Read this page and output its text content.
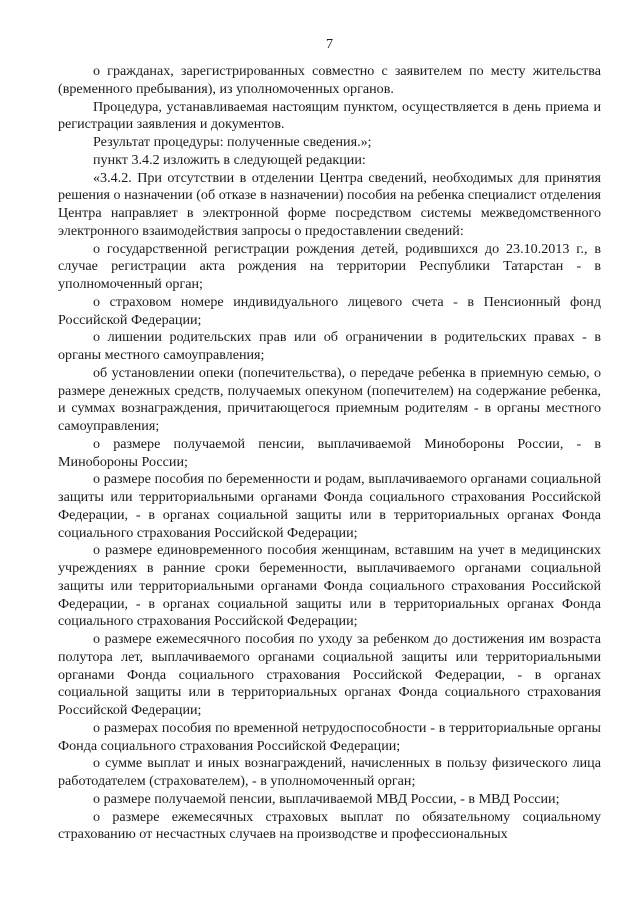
7

о гражданах, зарегистрированных совместно с заявителем по месту жительства (временного пребывания), из уполномоченных органов.

Процедура, устанавливаемая настоящим пунктом, осуществляется в день приема и регистрации заявления и документов.

Результат процедуры: полученные сведения.»;

пункт 3.4.2 изложить в следующей редакции:

«3.4.2. При отсутствии в отделении Центра сведений, необходимых для принятия решения о назначении (об отказе в назначении) пособия на ребенка специалист отделения Центра направляет в электронной форме посредством системы межведомственного электронного взаимодействия запросы о предоставлении сведений:

о государственной регистрации рождения детей, родившихся до 23.10.2013 г., в случае регистрации акта рождения на территории Республики Татарстан - в уполномоченный орган;

о страховом номере индивидуального лицевого счета - в Пенсионный фонд Российской Федерации;

о лишении родительских прав или об ограничении в родительских правах - в органы местного самоуправления;

об установлении опеки (попечительства), о передаче ребенка в приемную семью, о размере денежных средств, получаемых опекуном (попечителем) на содержание ребенка, и суммах вознаграждения, причитающегося приемным родителям - в органы местного самоуправления;

о размере получаемой пенсии, выплачиваемой Минобороны России, - в Минобороны России;

о размере пособия по беременности и родам, выплачиваемого органами социальной защиты или территориальными органами Фонда социального страхования Российской Федерации, - в органах социальной защиты или в территориальных органах Фонда социального страхования Российской Федерации;

о размере единовременного пособия женщинам, вставшим на учет в медицинских учреждениях в ранние сроки беременности, выплачиваемого органами социальной защиты или территориальными органами Фонда социального страхования Российской Федерации, - в органах социальной защиты или в территориальных органах Фонда социального страхования Российской Федерации;

о размере ежемесячного пособия по уходу за ребенком до достижения им возраста полутора лет, выплачиваемого органами социальной защиты или территориальными органами Фонда социального страхования Российской Федерации, - в органах социальной защиты или в территориальных органах Фонда социального страхования Российской Федерации;

о размерах пособия по временной нетрудоспособности - в территориальные органы Фонда социального страхования Российской Федерации;

о сумме выплат и иных вознаграждений, начисленных в пользу физического лица работодателем (страхователем), - в уполномоченный орган;

о размере получаемой пенсии, выплачиваемой МВД России, - в МВД России;

о размере ежемесячных страховых выплат по обязательному социальному страхованию от несчастных случаев на производстве и профессиональных
